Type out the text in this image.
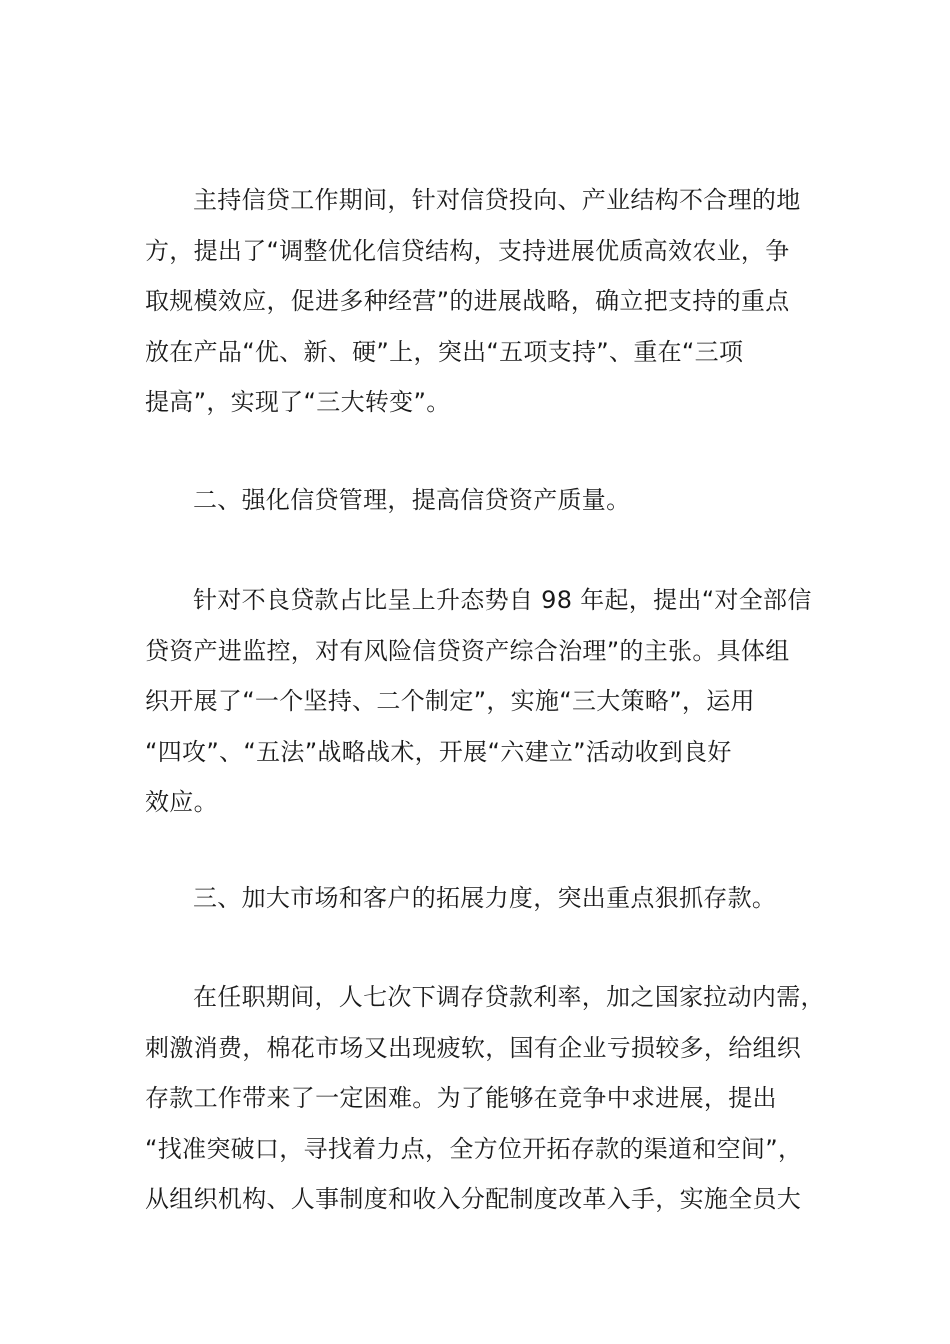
主持信贷工作期间，针对信贷投向、产业结构不合理的地
方，提出了“调整优化信贷结构，支持进展优质高效农业，争
取规模效应，促进多种经营”的进展战略，确立把支持的重点
放在产品“优、新、硬”上，突出“五项支持”、重在“三项
提高”，实现了“三大转变”。
二、强化信贷管理，提高信贷资产质量。
针对不良贷款占比呈上升态势自 98 年起，提出“对全部信
贷资产进监控，对有风险信贷资产综合治理”的主张。具体组
织开展了“一个坚持、二个制定”，实施“三大策略”，运用
“四攻”、“五法”战略战术，开展“六建立”活动收到良好
效应。
三、加大市场和客户的拓展力度，突出重点狠抓存款。
在任职期间，人七次下调存贷款利率，加之国家拉动内需，
刺激消费，棉花市场又出现疲软，国有企业亏损较多，给组织
存款工作带来了一定困难。为了能够在竞争中求进展，提出
“找准突破口，寻找着力点，全方位开拓存款的渠道和空间”，
从组织机构、人事制度和收入分配制度改革入手，实施全员大
